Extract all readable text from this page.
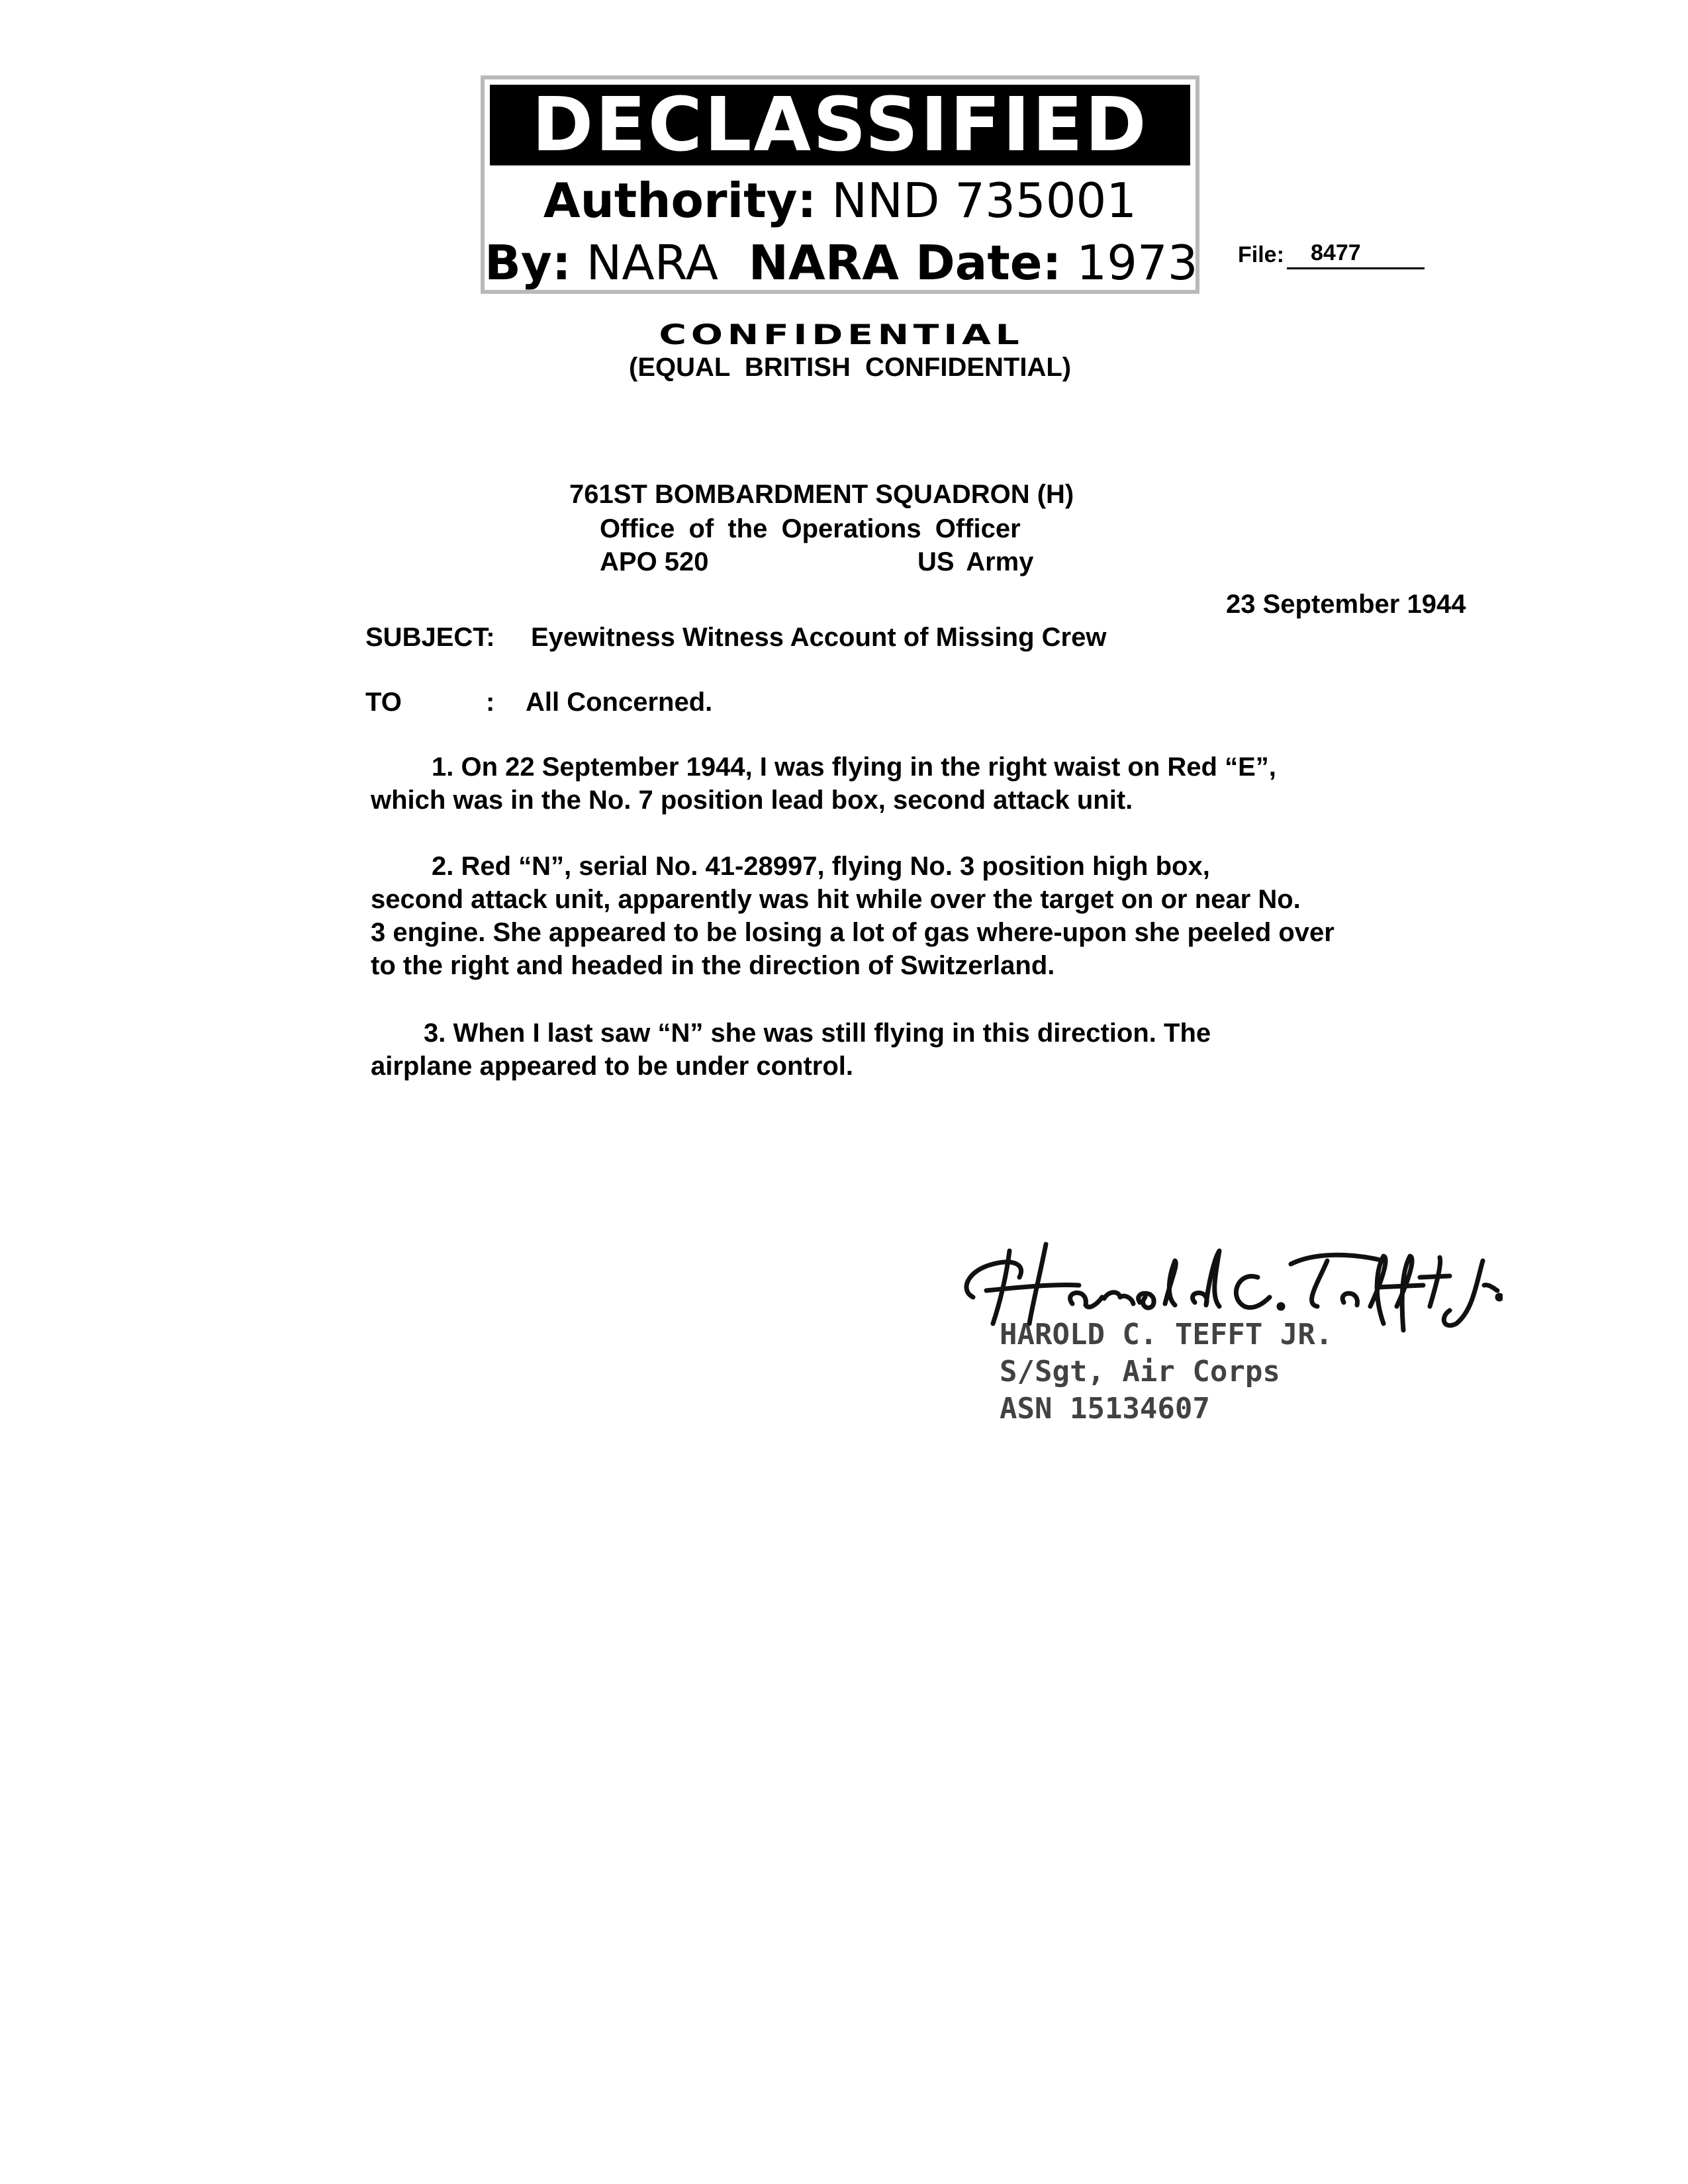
DECLASSIFIED
Authority: NND 735001
By: NARA NARA Date: 1973 File:	8477
CONFIDENTIAL
(EQUAL  BRITISH  CONFIDENTIAL)
761ST BOMBARDMENT SQUADRON (H)
Office of the Operations Officer
APO 520	US Army
23 September 1944
SUBJECT: Eyewitness Witness Account of Missing Crew
TO	: All Concerned.
1. On 22 September 1944, I was flying in the right waist on Red “E”,
which was in the No. 7 position lead box, second attack unit.
2. Red “N”, serial No. 41-28997, flying No. 3 position high box,
second attack unit, apparently was hit while over the target on or near No.
3 engine. She appeared to be losing a lot of gas where-upon she peeled over
to the right and headed in the direction of Switzerland.
3. When I last saw “N” she was still flying in this direction. The
airplane appeared to be under control.
HAROLD C. TEFFT JR.
S/Sgt, Air Corps
ASN 15134607
